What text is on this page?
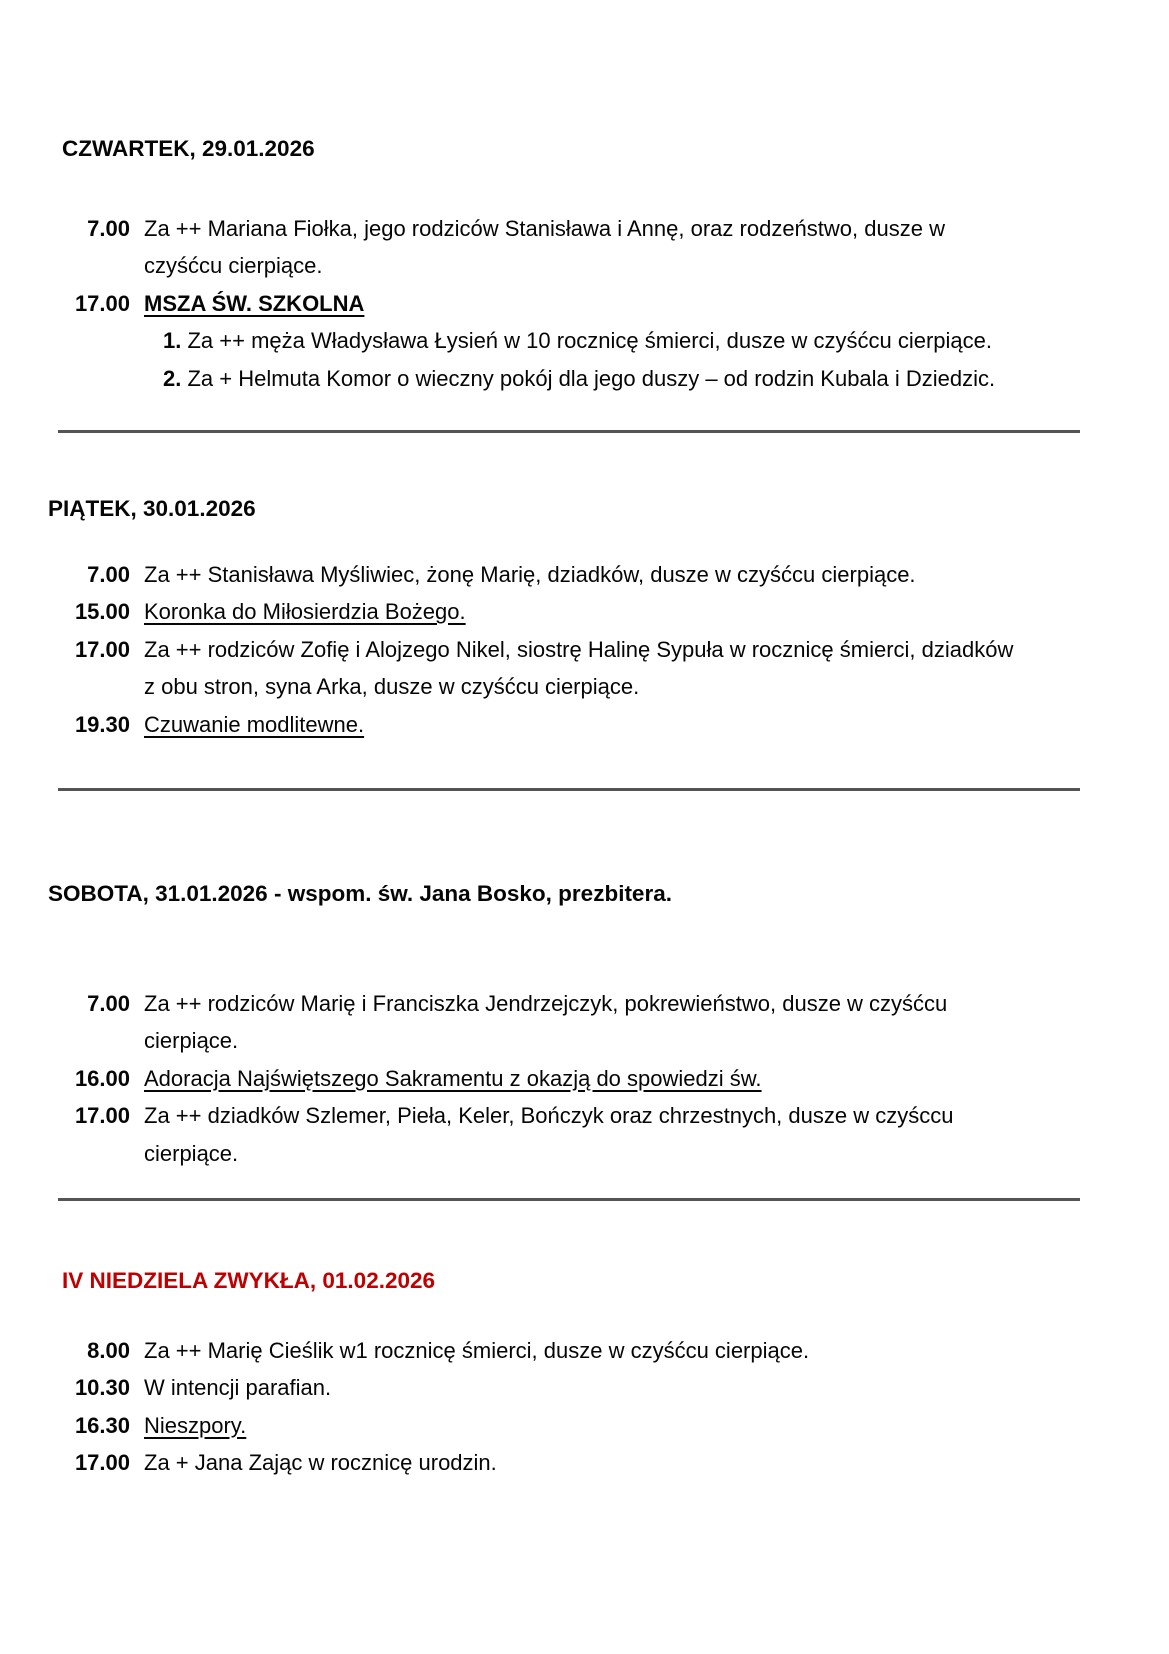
CZWARTEK, 29.01.2026
7.00 Za ++ Mariana Fiołka, jego rodziców Stanisława i Annę, oraz rodzeństwo, dusze w czyśćcu cierpiące.
17.00 MSZA ŚW. SZKOLNA
1. Za ++ męża Władysława Łysień w 10 rocznicę śmierci, dusze w czyśćcu cierpiące.
2. Za + Helmuta Komor o wieczny pokój dla jego duszy – od rodzin Kubala i Dziedzic.
PIĄTEK, 30.01.2026
7.00 Za ++ Stanisława Myśliwiec, żonę Marię, dziadków, dusze w czyśćcu cierpiące.
15.00 Koronka do Miłosierdzia Bożego.
17.00 Za ++ rodziców Zofię i Alojzego Nikel, siostrę Halinę Sypuła w rocznicę śmierci, dziadków z obu stron, syna Arka, dusze w czyśćcu cierpiące.
19.30 Czuwanie modlitewne.
SOBOTA, 31.01.2026 - wspom. św. Jana Bosko, prezbitera.
7.00 Za ++ rodziców Marię i Franciszka Jendrzejczyk, pokrewieństwo, dusze w czyśćcu cierpiące.
16.00 Adoracja Najświętszego Sakramentu z okazją do spowiedzi św.
17.00 Za ++ dziadków Szlemer, Pieła, Keler, Bończyk oraz chrzestnych, dusze w czyśccu cierpiące.
IV NIEDZIELA ZWYKŁA, 01.02.2026
8.00 Za ++ Marię Cieślik w1 rocznicę śmierci, dusze w czyśćcu cierpiące.
10.30 W intencji parafian.
16.30 Nieszpory.
17.00 Za + Jana Zając w rocznicę urodzin.
